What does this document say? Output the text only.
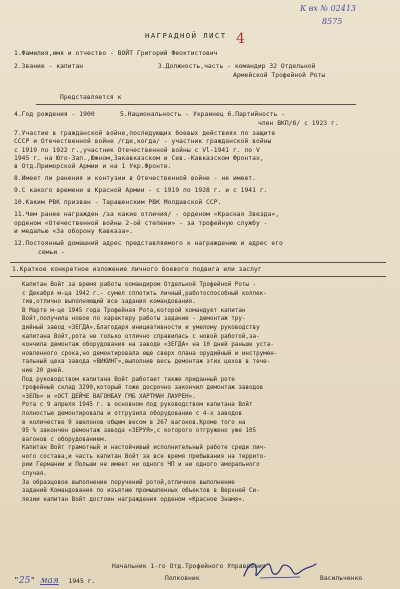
К вх № 02413
8575
НАГРАДНОЙ ЛИСТ 4
1.Фамилия,имя и отчество - ВОЙТ Григорий Феоктистович
2.Звание - капитан	3.Должность,часть - командир 32 Отдельной
Армейской Трофейной Роты
Представляется к
4.Год рождения - 1900	5.Национальность - Украинец 6.Партийность -
член ВКП/б/ с 1923 г.
7.Участие в гражданской войне,последующих боевых действиях по защите
СССР и Отечественной войне /где,когда/ - участник гражданской войны
с 1919 по 1922 г.,участник Отечественной войны с Vl-1941 г. по V
1945 г. на Юго-Зап.,Южном,Закавказском и Сев.-Кавказском Фронтах,
в Отд.Приморской Армии и на 1 Укр.Фронте.
8.Имеет ли ранения и контузии в Отечественной войне - не имеет.
9.С какого времени в Красной Армии - с 1919 по 1928 г. и с 1941 г.
10.Каким РВК призван - Тарашенским РВК Молдавской ССР.
11.Чем ранее награжден /за какие отличия/ - орденом «Красная Звезда»,
орденом «Отечественной войны 2-ой степени» - за трофейную службу -
и медалью «За оборону Кавказа».
12.Постоянный домашний адрес представляемого к награждению и адрес его
семьи -
1.Краткое конкретное изложение личного боевого подвига или заслуг
Капитан Войт за время работы командиром Отдельной Трофейной Роты -
с Декабря м-ца 1942 г.- сумел сплотить личный,работоспособный коллек-
тив,отлично выполняющий все задания командования.
В Марте м-це 1945 года Трофейная Рота,которой командует капитан
Войт,получила новое по характеру работы задание - демонтаж тру-
дийный завод «ЗЕГДА».Благодаря инициативности и умелому руководству
капитана Войт,рота не только отлично справилась с новой работой,за-
кончила демонтаж оборудования на заводе «ЗЕГДА» на 10 дней раньше уста-
новленного срока,но демонтировала еще сверх плана орудийный и инструмен-
тальный цеха завода «ВИКИНГ»,выполнив весь демонтаж этих цехов в тече-
ние 20 дней.
Под руководством капитана Войт работает также приданный роте
трофейный склад 3290,который тоже досрочно закончил демонтаж заводов
«ЗЕЛЬ» и «ОСТ ДЕЙЧЕ ВАГОНБАУ ГМБ ХАРТМАН ЛАУРЕН».
Рота с 9 апреля 1945 г. в основном под руководством капитана Войт
полностью демонтировала и отгрузила оборудование с 4-х заводов
в количестве 9 эшелонов общим весом в 267 вагонов.Кроме того на
95 % закончен демонтаж завода «ЗЕРУЯ»,с которого отгружено уже 105
вагонов с оборудованием.
Капитан Войт грамотный и настойчивый исполнительный работе среди лич-
ного состава,и часть капитан Войт за все время пребывания на террито-
рии Германии и Польши не имеет ни одного ЧП и ни одного аморального
случая.
За образцовое выполнение поручений ротой,отличное выполнение
заданий Командования по изъятию промышленных объектов в Верхней Си-
лезии капитан Войт достоин награждения орденом «Красное Знамя».
"25" мая 1945 г.
Начальник 1-го Отд.Трофейного Управления
Полковник	Васильченко
